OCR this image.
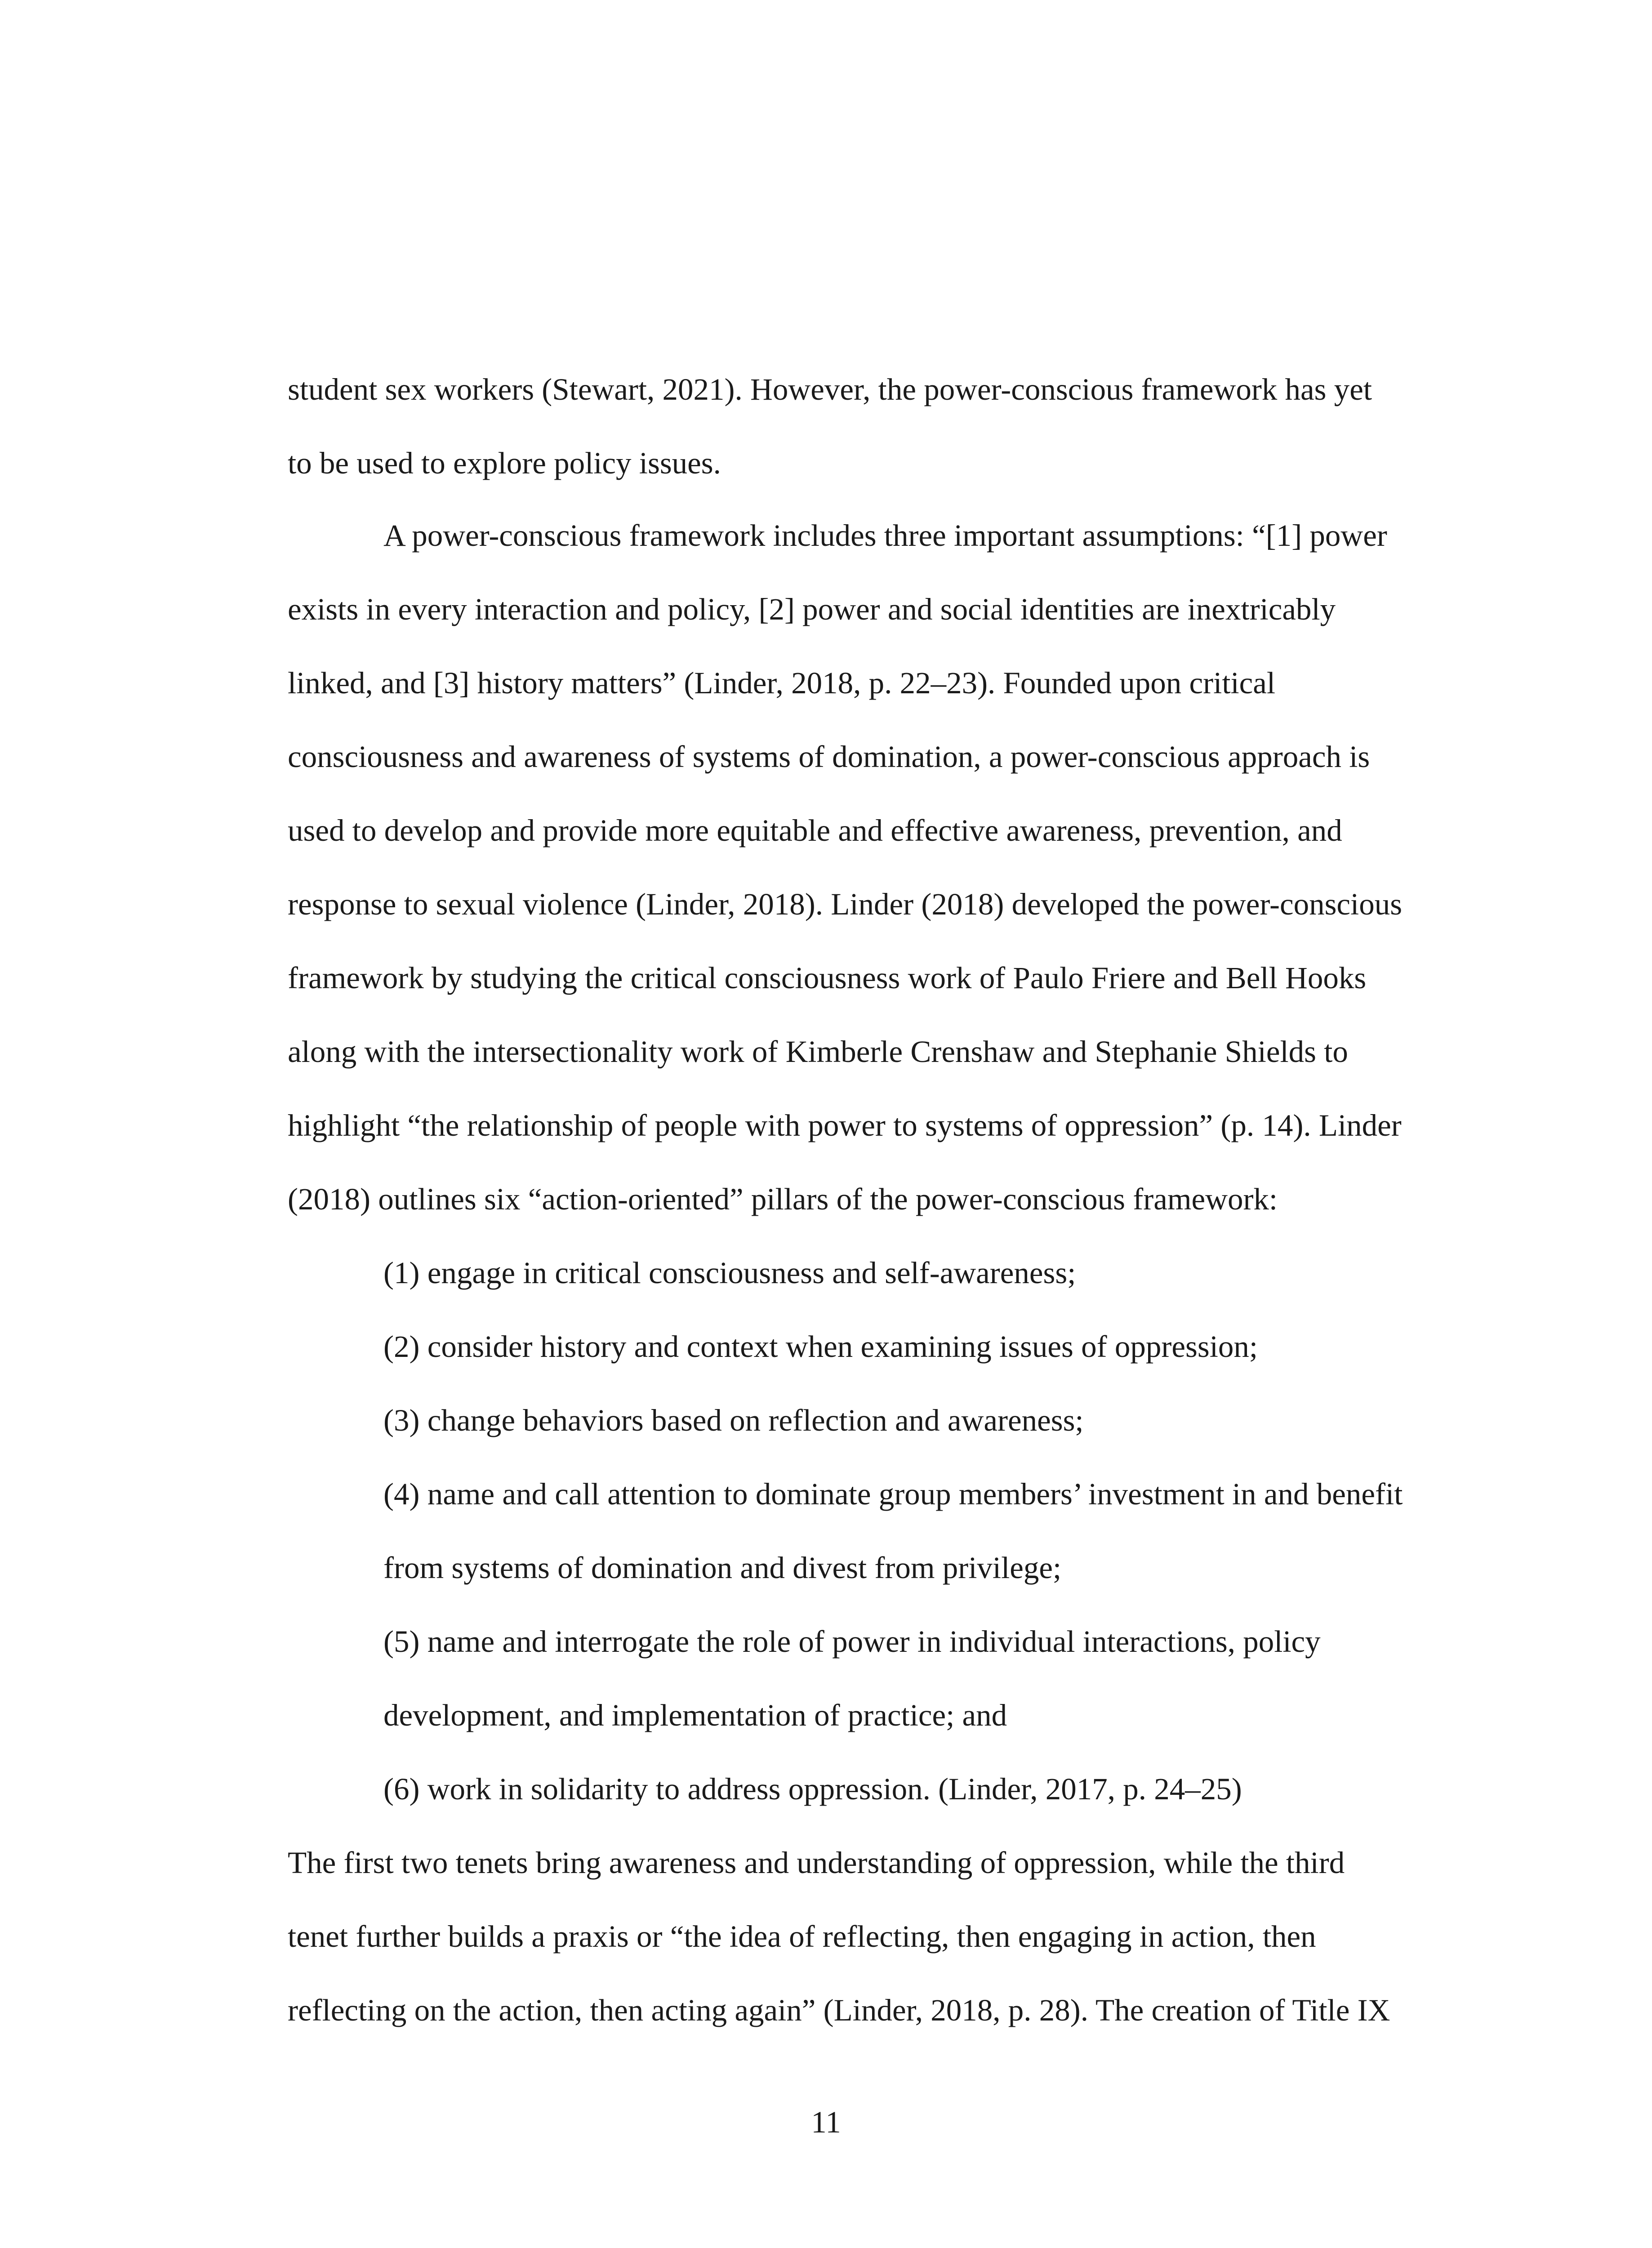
student sex workers (Stewart, 2021). However, the power-conscious framework has yet
to be used to explore policy issues.
A power-conscious framework includes three important assumptions: “[1] power
exists in every interaction and policy, [2] power and social identities are inextricably
linked, and [3] history matters” (Linder, 2018, p. 22–23). Founded upon critical
consciousness and awareness of systems of domination, a power-conscious approach is
used to develop and provide more equitable and effective awareness, prevention, and
response to sexual violence (Linder, 2018). Linder (2018) developed the power-conscious
framework by studying the critical consciousness work of Paulo Friere and Bell Hooks
along with the intersectionality work of Kimberle Crenshaw and Stephanie Shields to
highlight “the relationship of people with power to systems of oppression” (p. 14). Linder
(2018) outlines six “action-oriented” pillars of the power-conscious framework:
(1) engage in critical consciousness and self-awareness;
(2) consider history and context when examining issues of oppression;
(3) change behaviors based on reflection and awareness;
(4) name and call attention to dominate group members’ investment in and benefit
from systems of domination and divest from privilege;
(5) name and interrogate the role of power in individual interactions, policy
development, and implementation of practice; and
(6) work in solidarity to address oppression. (Linder, 2017, p. 24–25)
The first two tenets bring awareness and understanding of oppression, while the third
tenet further builds a praxis or “the idea of reflecting, then engaging in action, then
reflecting on the action, then acting again” (Linder, 2018, p. 28). The creation of Title IX
11
